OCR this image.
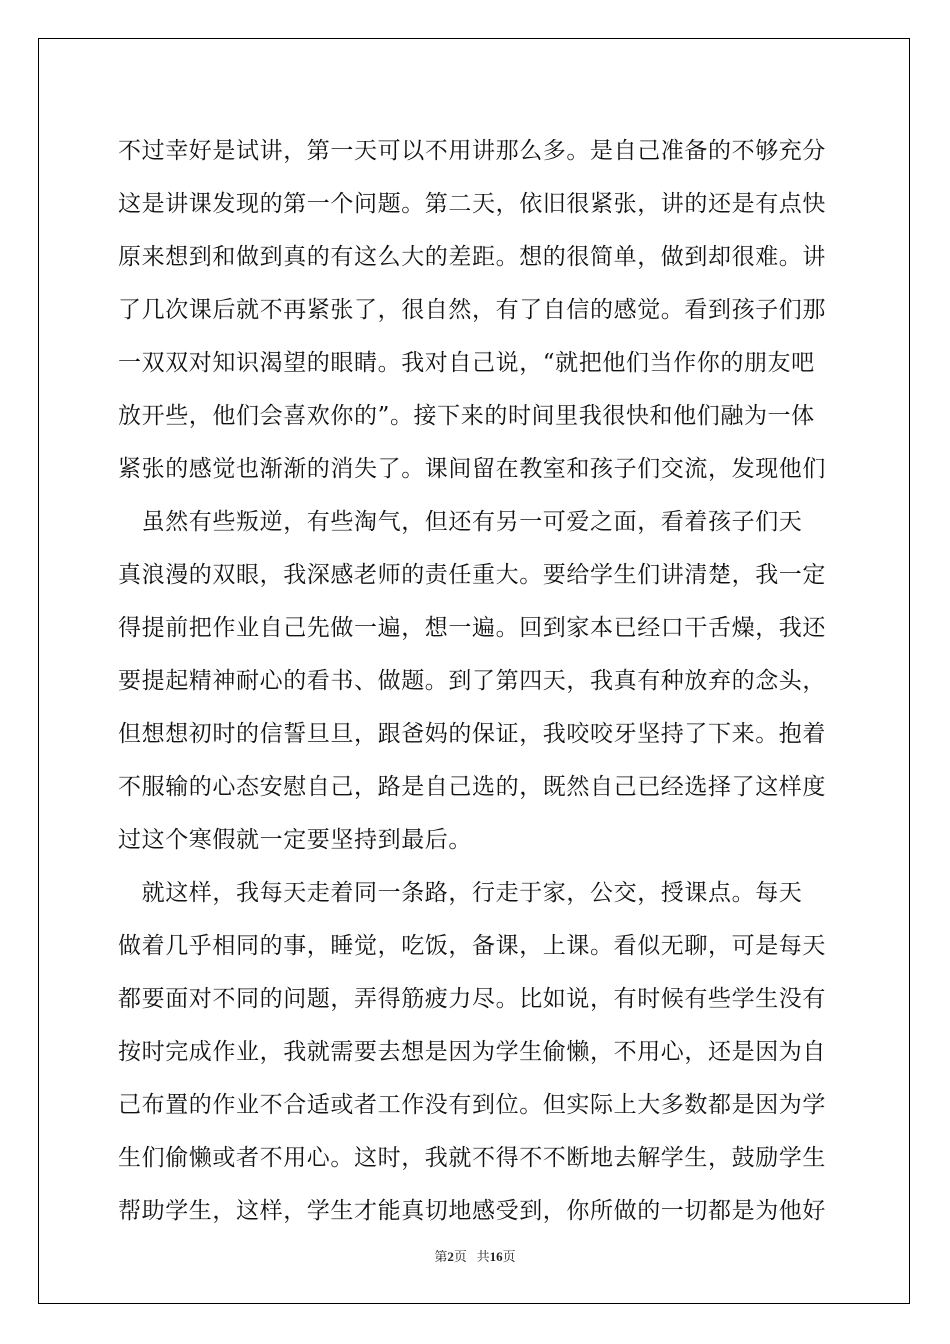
不过幸好是试讲，第一天可以不用讲那么多。是自己准备的不够充分
这是讲课发现的第一个问题。第二天，依旧很紧张，讲的还是有点快
原来想到和做到真的有这么大的差距。想的很简单，做到却很难。讲
了几次课后就不再紧张了，很自然，有了自信的感觉。看到孩子们那
一双双对知识渴望的眼睛。我对自己说，“就把他们当作你的朋友吧
放开些，他们会喜欢你的”。接下来的时间里我很快和他们融为一体
紧张的感觉也渐渐的消失了。课间留在教室和孩子们交流，发现他们
　虽然有些叛逆，有些淘气，但还有另一可爱之面，看着孩子们天
真浪漫的双眼，我深感老师的责任重大。要给学生们讲清楚，我一定
得提前把作业自己先做一遍，想一遍。回到家本已经口干舌燥，我还
要提起精神耐心的看书、做题。到了第四天，我真有种放弃的念头，
但想想初时的信誓旦旦，跟爸妈的保证，我咬咬牙坚持了下来。抱着
不服输的心态安慰自己，路是自己选的，既然自己已经选择了这样度
过这个寒假就一定要坚持到最后。
　就这样，我每天走着同一条路，行走于家，公交，授课点。每天
做着几乎相同的事，睡觉，吃饭，备课，上课。看似无聊，可是每天
都要面对不同的问题，弄得筋疲力尽。比如说，有时候有些学生没有
按时完成作业，我就需要去想是因为学生偷懒，不用心，还是因为自
己布置的作业不合适或者工作没有到位。但实际上大多数都是因为学
生们偷懒或者不用心。这时，我就不得不不断地去解学生，鼓励学生
帮助学生，这样，学生才能真切地感受到，你所做的一切都是为他好
第2页 共16页
